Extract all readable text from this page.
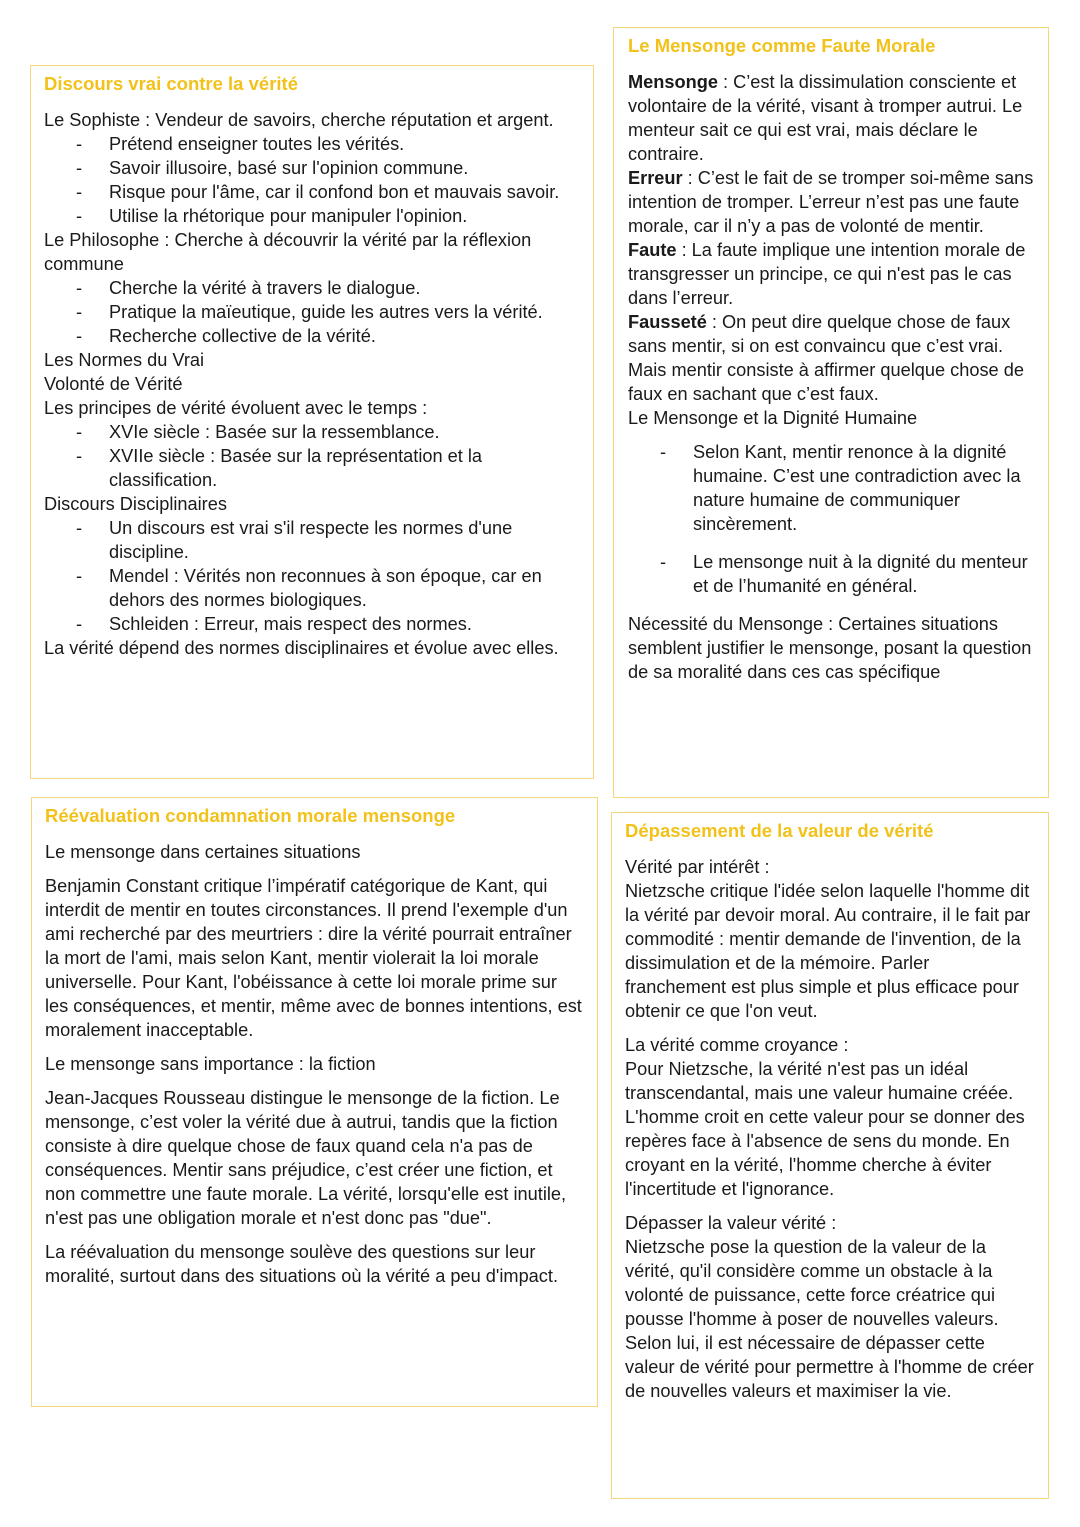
Discours vrai contre la vérité
Le Sophiste : Vendeur de savoirs, cherche réputation et argent.
- Prétend enseigner toutes les vérités.
- Savoir illusoire, basé sur l'opinion commune.
- Risque pour l'âme, car il confond bon et mauvais savoir.
- Utilise la rhétorique pour manipuler l'opinion.
Le Philosophe : Cherche à découvrir la vérité par la réflexion commune
- Cherche la vérité à travers le dialogue.
- Pratique la maïeutique, guide les autres vers la vérité.
- Recherche collective de la vérité.
Les Normes du Vrai
Volonté de Vérité
Les principes de vérité évoluent avec le temps :
- XVIe siècle : Basée sur la ressemblance.
- XVIIe siècle : Basée sur la représentation et la classification.
Discours Disciplinaires
- Un discours est vrai s'il respecte les normes d'une discipline.
- Mendel : Vérités non reconnues à son époque, car en dehors des normes biologiques.
- Schleiden : Erreur, mais respect des normes.
La vérité dépend des normes disciplinaires et évolue avec elles.
Le Mensonge comme Faute Morale
Mensonge : C’est la dissimulation consciente et volontaire de la vérité, visant à tromper autrui. Le menteur sait ce qui est vrai, mais déclare le contraire.
Erreur : C’est le fait de se tromper soi-même sans intention de tromper. L’erreur n’est pas une faute morale, car il n’y a pas de volonté de mentir.
Faute : La faute implique une intention morale de transgresser un principe, ce qui n'est pas le cas dans l’erreur.
Fausseté : On peut dire quelque chose de faux sans mentir, si on est convaincu que c’est vrai. Mais mentir consiste à affirmer quelque chose de faux en sachant que c’est faux.
Le Mensonge et la Dignité Humaine
- Selon Kant, mentir renonce à la dignité humaine. C’est une contradiction avec la nature humaine de communiquer sincèrement.
- Le mensonge nuit à la dignité du menteur et de l’humanité en général.
Nécessité du Mensonge : Certaines situations semblent justifier le mensonge, posant la question de sa moralité dans ces cas spécifique
Réévaluation condamnation morale mensonge
Le mensonge dans certaines situations
Benjamin Constant critique l’impératif catégorique de Kant, qui interdit de mentir en toutes circonstances. Il prend l'exemple d'un ami recherché par des meurtriers : dire la vérité pourrait entraîner la mort de l'ami, mais selon Kant, mentir violerait la loi morale universelle. Pour Kant, l'obéissance à cette loi morale prime sur les conséquences, et mentir, même avec de bonnes intentions, est moralement inacceptable.
Le mensonge sans importance : la fiction
Jean-Jacques Rousseau distingue le mensonge de la fiction. Le mensonge, c’est voler la vérité due à autrui, tandis que la fiction consiste à dire quelque chose de faux quand cela n'a pas de conséquences. Mentir sans préjudice, c’est créer une fiction, et non commettre une faute morale. La vérité, lorsqu'elle est inutile, n'est pas une obligation morale et n'est donc pas "due".
La réévaluation du mensonge soulève des questions sur leur moralité, surtout dans des situations où la vérité a peu d'impact.
Dépassement de la valeur de vérité
Vérité par intérêt :
Nietzsche critique l'idée selon laquelle l'homme dit la vérité par devoir moral. Au contraire, il le fait par commodité : mentir demande de l'invention, de la dissimulation et de la mémoire. Parler franchement est plus simple et plus efficace pour obtenir ce que l'on veut.
La vérité comme croyance :
Pour Nietzsche, la vérité n'est pas un idéal transcendantal, mais une valeur humaine créée. L'homme croit en cette valeur pour se donner des repères face à l'absence de sens du monde. En croyant en la vérité, l'homme cherche à éviter l'incertitude et l'ignorance.
Dépasser la valeur vérité :
Nietzsche pose la question de la valeur de la vérité, qu'il considère comme un obstacle à la volonté de puissance, cette force créatrice qui pousse l'homme à poser de nouvelles valeurs. Selon lui, il est nécessaire de dépasser cette valeur de vérité pour permettre à l'homme de créer de nouvelles valeurs et maximiser la vie.
